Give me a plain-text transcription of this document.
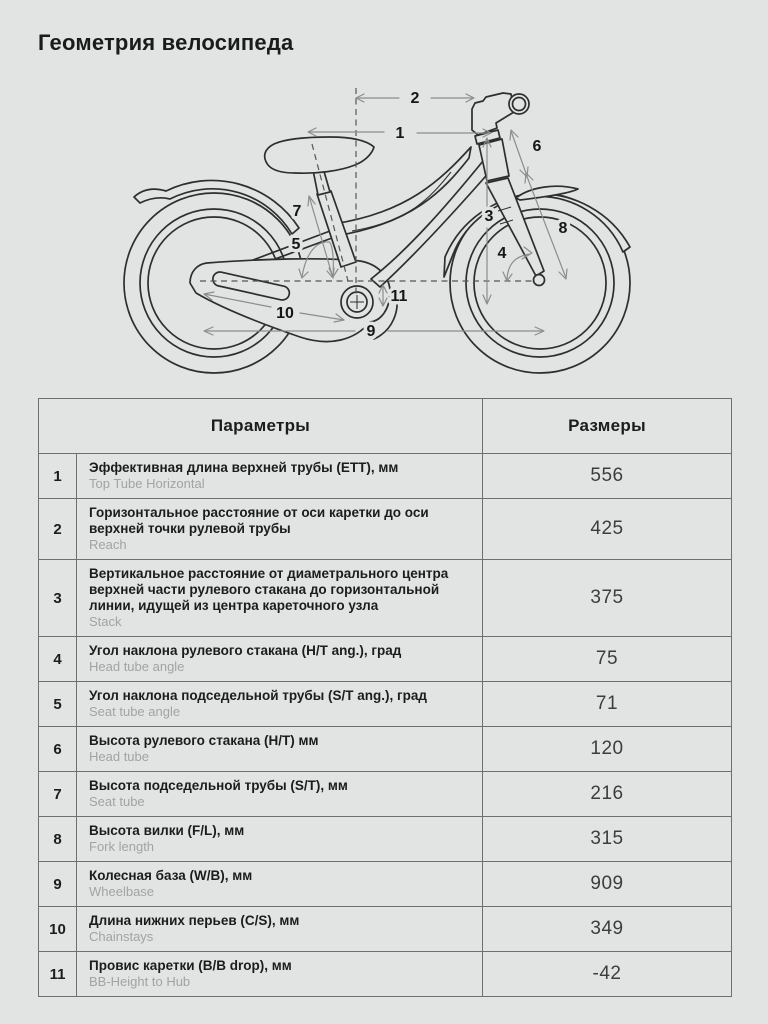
Геометрия велосипеда
2
1
6
7	3
8
5
4
11
10
9
Параметры		Размеры
1	Эффективная длина верхней трубы (ETT), мм
Top Tube Horizontal	556
2	Горизонтальное расстояние от оси каретки до оси верхней точки рулевой трубы
Reach	425
3	Вертикальное расстояние от диаметрального центра верхней части рулевого стакана до горизонтальной линии, идущей из центра кареточного узла
Stack	375
4	Угол наклона рулевого стакана (H/T ang.), град
Head tube angle	75
5	Угол наклона подседельной трубы (S/T ang.), град
Seat tube angle	71
6	Высота рулевого стакана (H/T) мм
Head tube	120
7	Высота подседельной трубы (S/T), мм
Seat tube	216
8	Высота вилки (F/L), мм
Fork length	315
9	Колесная база (W/B), мм
Wheelbase	909
10	Длина нижних перьев (C/S), мм
Chainstays	349
11	Провис каретки (B/B drop), мм
BB-Height to Hub	-42
